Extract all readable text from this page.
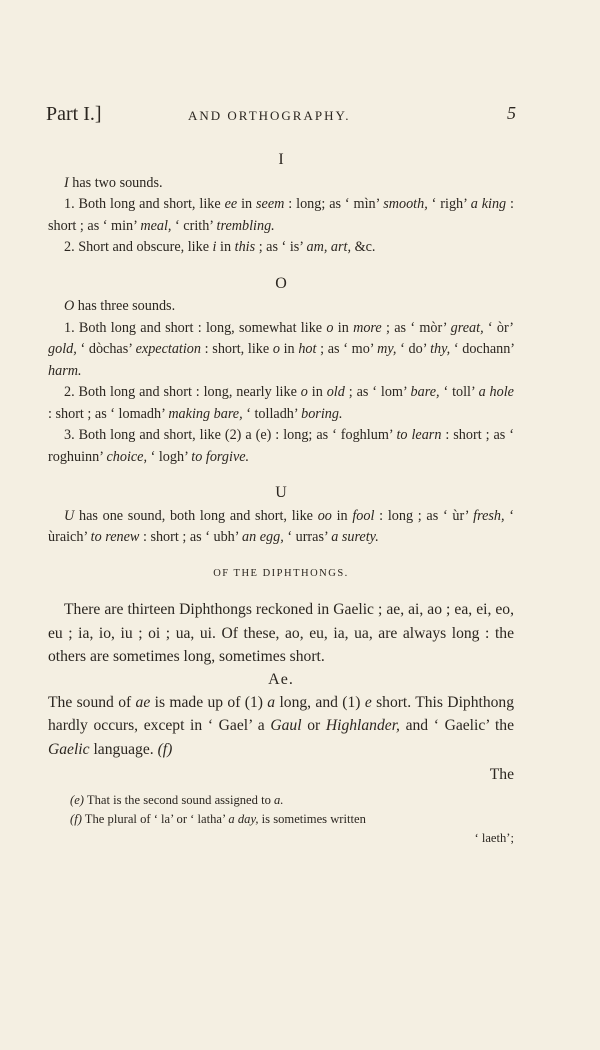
Part I.]	AND ORTHOGRAPHY.	5
I

I has two sounds.

1. Both long and short, like ee in seem : long; as ‘ mìn’ smooth, ‘ righ’ a king : short ; as ‘ min’ meal, ‘ crith’ trembling.

2. Short and obscure, like i in this ; as ‘ is’ am, art, &c.

O

O has three sounds.

1. Both long and short : long, somewhat like o in more ; as ‘ mòr’ great, ‘ òr’ gold, ‘ dòchas’ expectation : short, like o in hot ; as ‘ mo’ my, ‘ do’ thy, ‘ dochann’ harm.

2. Both long and short : long, nearly like o in old ; as ‘ lom’ bare, ‘ toll’ a hole : short ; as ‘ lomadh’ making bare, ‘ tolladh’ boring.

3. Both long and short, like (2) a (e) : long; as ‘ foghlum’ to learn : short ; as ‘ roghuinn’ choice, ‘ logh’ to forgive.

U

U has one sound, both long and short, like oo in fool : long ; as ‘ ùr’ fresh, ‘ ùraich’ to renew : short ; as ‘ ubh’ an egg, ‘ urras’ a surety.

OF THE DIPHTHONGS.

There are thirteen Diphthongs reckoned in Gaelic ; ae, ai, ao ; ea, ei, eo, eu ; ia, io, iu ; oi ; ua, ui. Of these, ao, eu, ia, ua, are always long : the others are sometimes long, sometimes short.

Ae.

The sound of ae is made up of (1) a long, and (1) e short. This Diphthong hardly occurs, except in ‘ Gael’ a Gaul or Highlander, and ‘ Gaelic’ the Gaelic language. (f)

The

(e) That is the second sound assigned to a.

(f) The plural of ‘ la’ or ‘ latha’ a day, is sometimes written

‘ laeth’;
